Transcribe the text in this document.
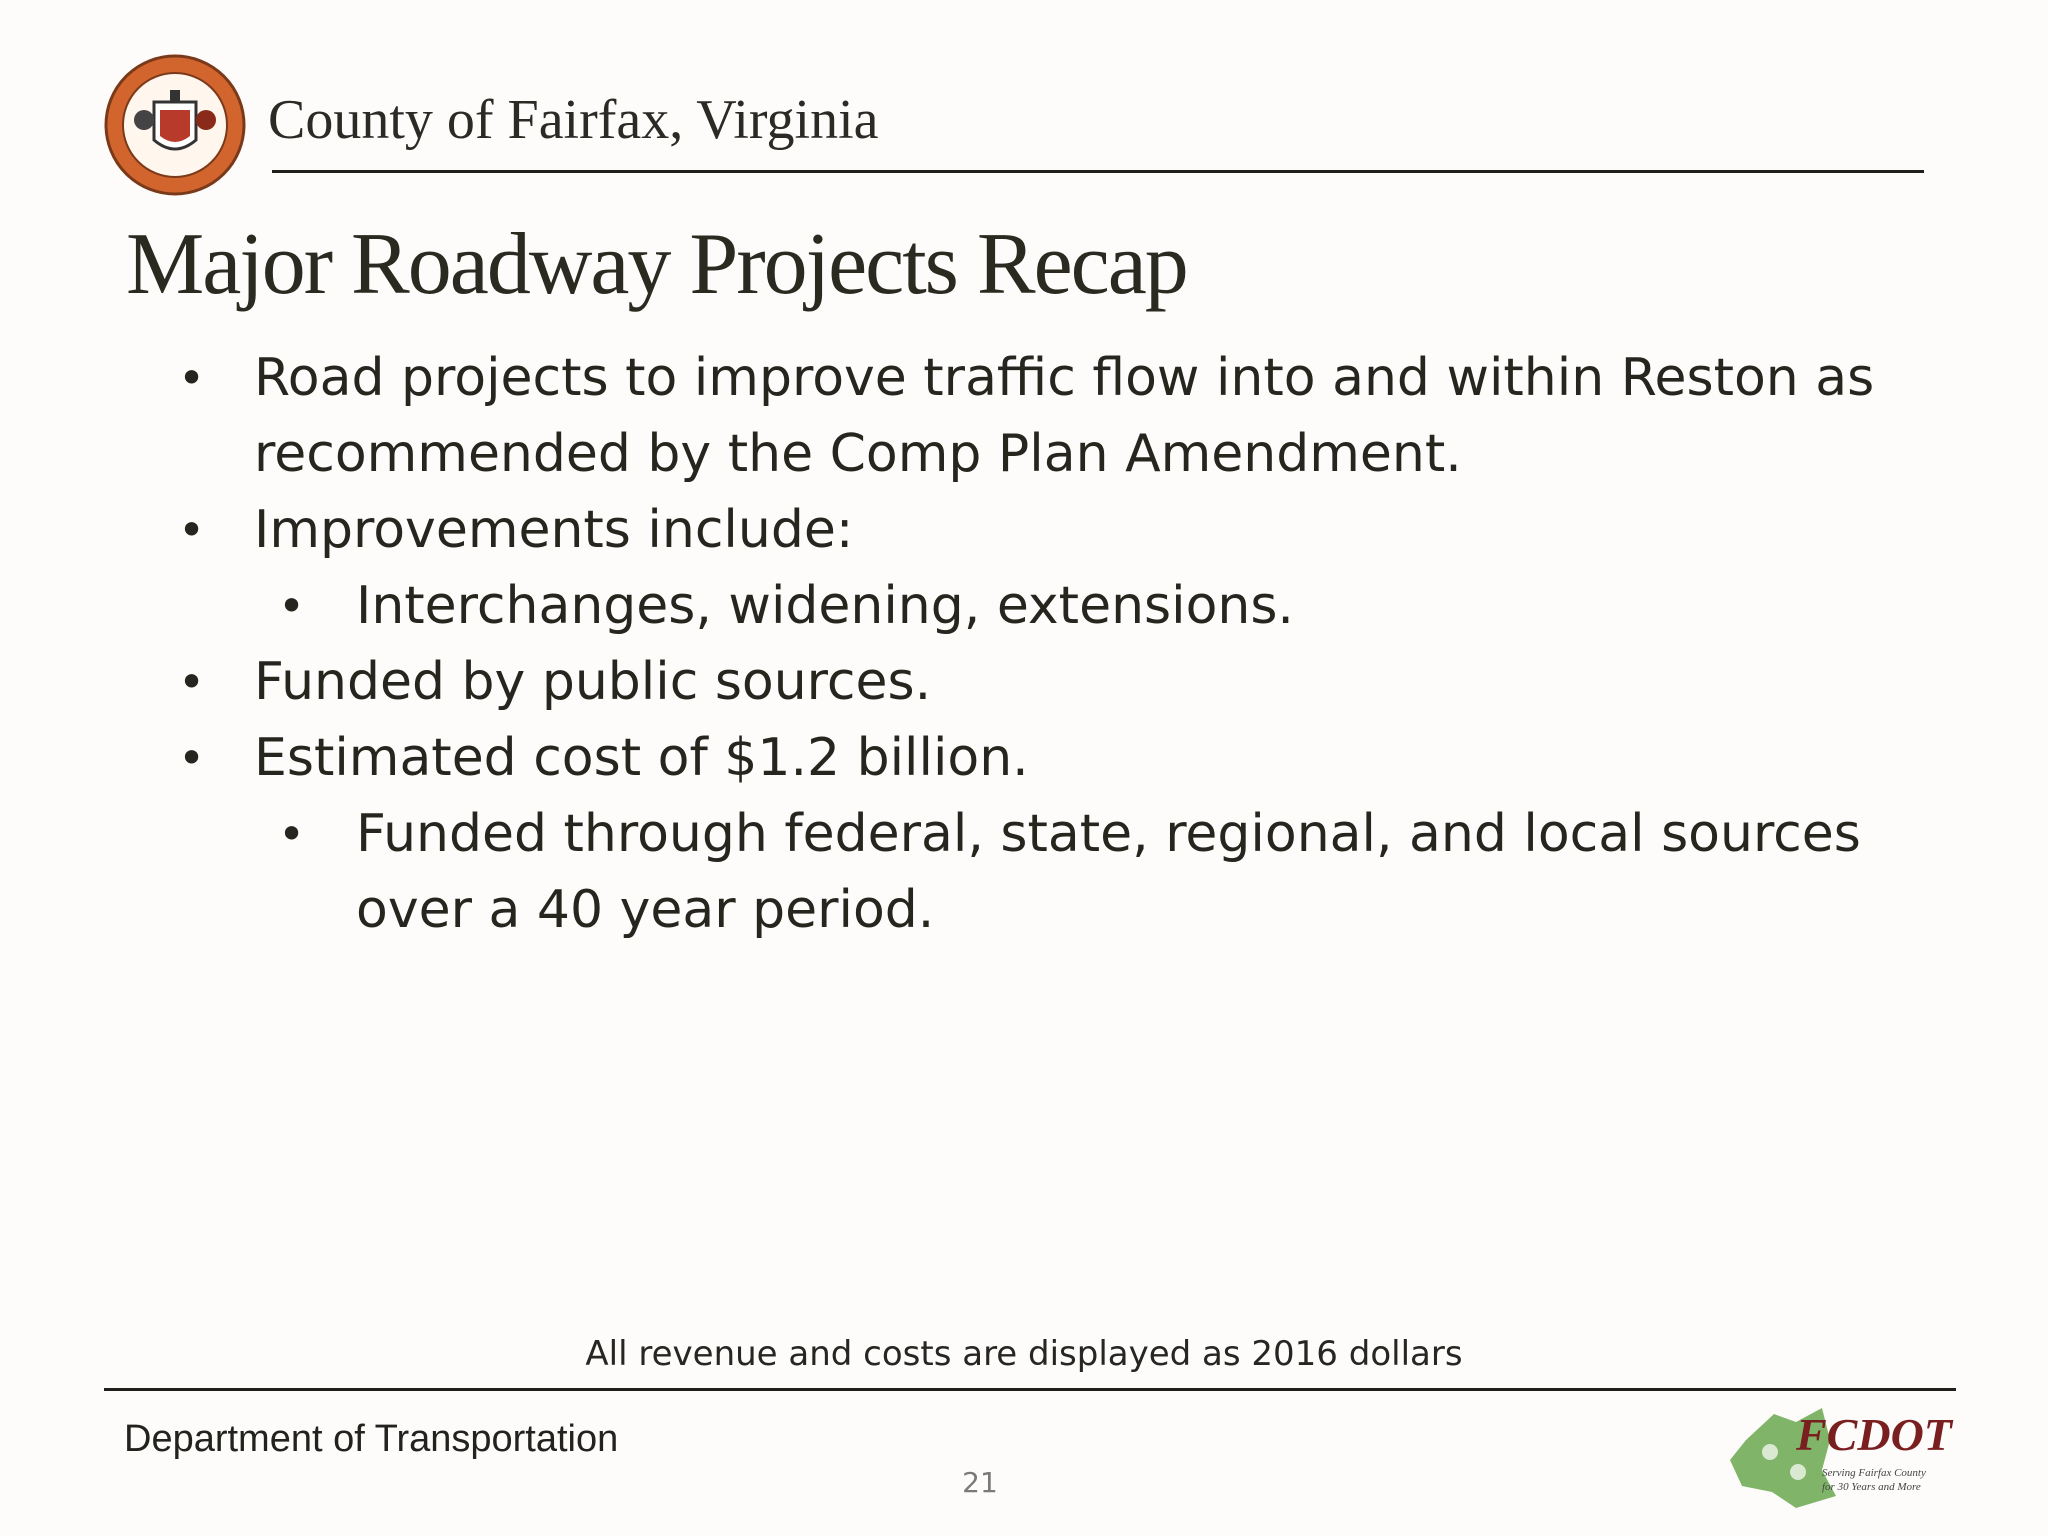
County of Fairfax, Virginia
Major Roadway Projects Recap
• Road projects to improve traffic flow into and within Reston as recommended by the Comp Plan Amendment.
• Improvements include:
• Interchanges, widening, extensions.
• Funded by public sources.
• Estimated cost of $1.2 billion.
• Funded through federal, state, regional, and local sources over a 40 year period.
All revenue and costs are displayed as 2016 dollars
Department of Transportation
21
FCDOT
Serving Fairfax County
for 30 Years and More
